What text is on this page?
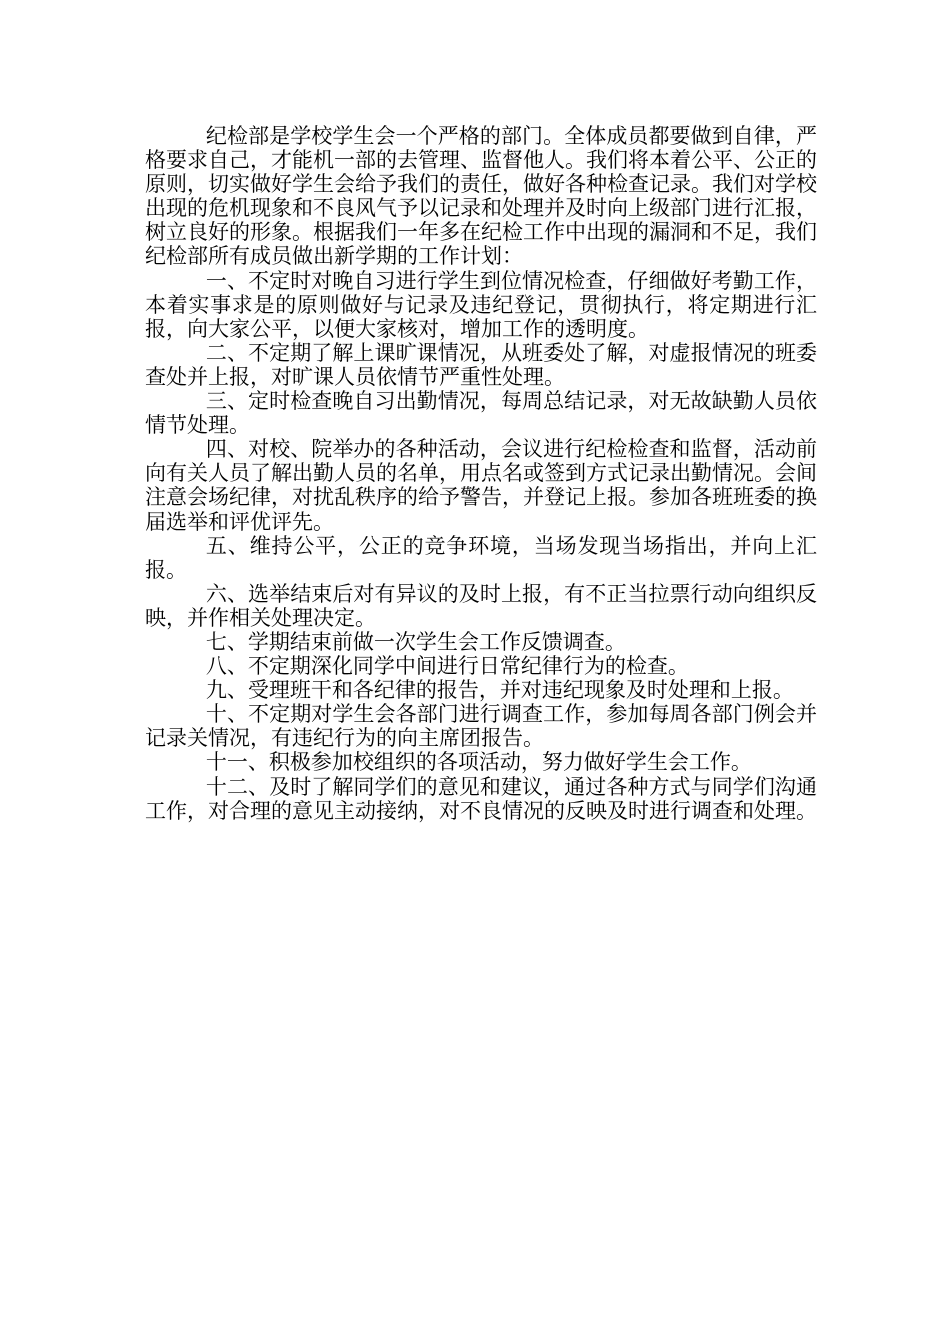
纪检部是学校学生会一个严格的部门。全体成员都要做到自律，严格要求自己，才能机一部的去管理、监督他人。我们将本着公平、公正的原则，切实做好学生会给予我们的责任，做好各种检查记录。我们对学校出现的危机现象和不良风气予以记录和处理并及时向上级部门进行汇报，树立良好的形象。根据我们一年多在纪检工作中出现的漏洞和不足，我们纪检部所有成员做出新学期的工作计划：

一、不定时对晚自习进行学生到位情况检查，仔细做好考勤工作，本着实事求是的原则做好与记录及违纪登记，贯彻执行，将定期进行汇报，向大家公平，以便大家核对，增加工作的透明度。

二、不定期了解上课旷课情况，从班委处了解，对虚报情况的班委查处并上报，对旷课人员依情节严重性处理。

三、定时检查晚自习出勤情况，每周总结记录，对无故缺勤人员依情节处理。

四、对校、院举办的各种活动，会议进行纪检检查和监督，活动前向有关人员了解出勤人员的名单，用点名或签到方式记录出勤情况。会间注意会场纪律，对扰乱秩序的给予警告，并登记上报。参加各班班委的换届选举和评优评先。

五、维持公平，公正的竞争环境，当场发现当场指出，并向上汇报。

六、选举结束后对有异议的及时上报，有不正当拉票行动向组织反映，并作相关处理决定。

七、学期结束前做一次学生会工作反馈调查。

八、不定期深化同学中间进行日常纪律行为的检查。

九、受理班干和各纪律的报告，并对违纪现象及时处理和上报。

十、不定期对学生会各部门进行调查工作，参加每周各部门例会并记录关情况，有违纪行为的向主席团报告。

十一、积极参加校组织的各项活动，努力做好学生会工作。

十二、及时了解同学们的意见和建议，通过各种方式与同学们沟通工作，对合理的意见主动接纳，对不良情况的反映及时进行调查和处理。
